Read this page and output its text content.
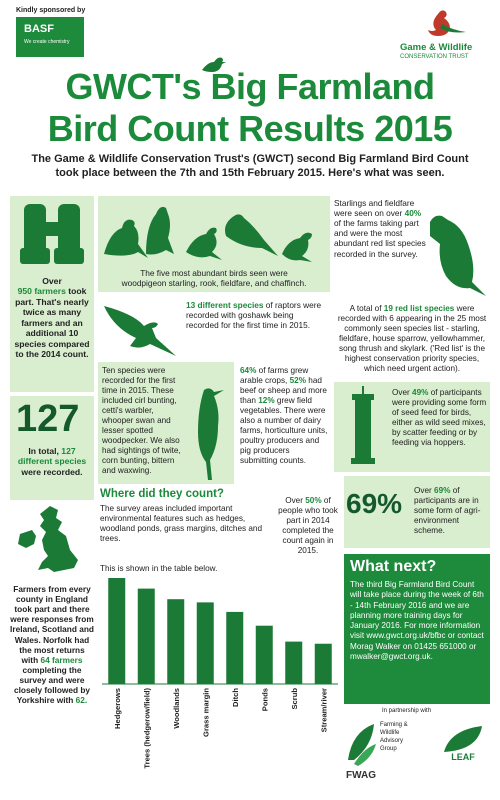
Kindly sponsored by
BASF
We create chemistry	Game & Wildlife
CONSERVATION TRUST
GWCT's Big Farmland
Bird Count Results 2015
The Game & Wildlife Conservation Trust's (GWCT) second Big Farmland Bird Count took place between the 7th and 15th February 2015. Here's what was seen.
Over
950 farmers took part. That's nearly twice as many farmers and an additional 10 species compared to the 2014 count.
127
In total, 127 different species were recorded.
Farmers from every county in England took part and there were responses from Ireland, Scotland and Wales. Norfolk had the most returns with 64 farmers completing the survey and were closely followed by Yorkshire with 62.
The five most abundant birds seen were woodpigeon starling, rook, fieldfare, and chaffinch.
Starlings and fieldfare were seen on over 40% of the farms taking part and were the most abundant red list species recorded in the survey.
13 different species of raptors were recorded with goshawk being recorded for the first time in 2015.
A total of 19 red list species were recorded with 6 appearing in the 25 most commonly seen species list - starling, fieldfare, house sparrow, yellowhammer, song thrush and skylark. ('Red list' is the highest conservation priority species, which need urgent action).
Ten species were recorded for the first time in 2015. These included cirl bunting, cetti's warbler, whooper swan and lesser spotted woodpecker. We also had sightings of twite, corn bunting, bittern and waxwing.
64% of farms grew arable crops, 52% had beef or sheep and more than 12% grew field vegetables. There were also a number of dairy farms, horticulture units, poultry producers and pig producers submitting counts.
Over 49% of participants were providing some form of seed feed for birds, either as wild seed mixes, by scatter feeding or by feeding via hoppers.
Where did they count?
The survey areas included important environmental features such as hedges, woodland ponds, grass margins, ditches and trees.
This is shown in the table below.
Over 50% of people who took part in 2014 completed the count again in 2015.
69% Over 69% of participants are in some form of agri-environment scheme.
Hedgerows	Trees (hedgerow/field)	Woodlands	Grass margin	Ditch	Ponds	Scrub	Stream/river
What next?
The third Big Farmland Bird Count will take place during the week of 6th - 14th February 2016 and we are planning more training days for January 2016. For more information visit www.gwct.org.uk/bfbc or contact Morag Walker on 01425 651000 or mwalker@gwct.org.uk.
In partnership with
Farming &
Wildlife
Advisory
Group
FWAG
LEAF
